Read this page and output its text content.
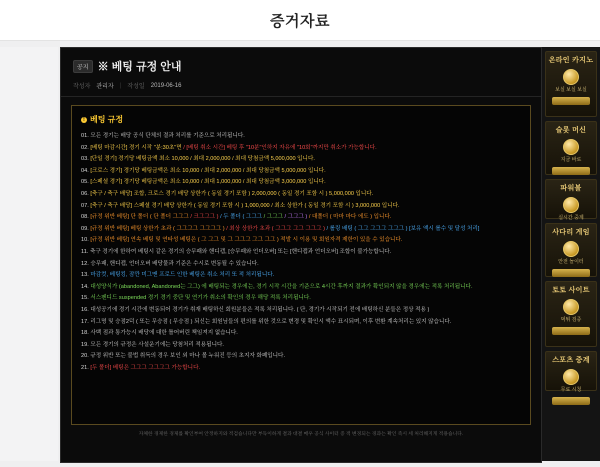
증거자료
공지 ※ 베팅 규정 안내
작성자 관리자 | 작성일 2019-06-16
! 베팅 규정
01. 모든 경기는 배당 공식 단체의 결과 처리를 기준으로 처리됩니다.
02. [베팅 마감시간] 경기 시작 "분:30초"면 / [베팅 취소 시간] 베팅 후 "10분"인하지 자유에 "10회"까지만 취소가 가능합니다.
03. [단일 경기] 경기당 베팅금액 최소 10,000 / 최대 2,000,000 / 최대 당첨금액 5,000,000 입니다.
04. [크로스 경기] 경기당 베팅금액은 최소 10,000 / 최대 2,000,000 / 최대 당첨금액 5,000,000 입니다.
05. [스페셜 경기] 경기당 베팅금액은 최소 10,000 / 최대 1,000,000 / 최대 당첨금액 3,000,000 입니다.
06. [축구 / 축구 배당] 조합, 크로스 경기 배당 상한가 ( 동일 경기 포함 ) 2,000,000 ( 동일 경기 포함 시 ) 5,000,000 입니다.
07. [축구 / 축구 배당] 스페셜 경기 배당 상한가 ( 동일 경기 포함 시 ) 1,000,000 / 최소 상한가 ( 동일 경기 포함 시 ) 3,000,000 입니다.
08. [규정 위반 베팅] 단 폴더 ( 단 폴더 그그그 / 크그그그 ) / 두 폴더 ( 그그그 / 그그그 / 그그그 ) / 대폴더 ( 마마 마다 에도 ) 입니다.
09. [규정 위반 베팅] 베팅 상한가 초과 ( 그그그그 그그그그 ) / 최상 상한가 초과 ( 그그그 그그 그그그 ) / 롤링 배팅 ( 그그 그그그 그그그 ) [보유 액시 롤수 및 달성 처리]
10. [규정 위반 베팅] 연속 베팅 및 연타성 베팅은 ( 그 그그 및 그 그그그 그그 그그 ) 적발 시 이용 및 회원자격 제한이 있을 수 있습니다.
11. 축구 경기에 한하여 베팅시 같은 경기의 승무패와 핸디캡, [승무패와 언더오버] 또는 [핸디캡과 언더오버] 조합이 불가능합니다.
12. 승무패, 핸디캡, 언더오버 배당물과 기준은 수시로 변동될 수 있습니다.
13. 마감컷, 베팅킹, 잠깐 미그맨 프로드 인한 베팅은 취소 처리 또 적 처리됩니다.
14. 대성양식가 (abandoned, Abandoned는 그그) 에 배팅되는 경우에는, 경기 시작 시간을 기준으로 4시간 후까지 결과가 확인되지 않을 경우에는 적록 처리됩니다.
15. 서스펜디드 suspended 경기 경기 중단 및 연기가 취소의 확인의 경우 해당 적록 처리됩니다.
16. 대성공기에 경기 시간에 변동되어 경기가 취재 배팅하신 회원분들은 적록 처리됩니다. ( 단, 경기가 시작되기 전에 배팅하신 분들은 정상 적용 )
17. 리그명 및 승점2덕 ( 또는 무승점 ( 무승점 ) 되신는 회원님들의 편의를 위한 것으로 변경 및 확인시 액수 표시되며, 이후 변환 계속처리는 있지 않습니다.
18. 사백 점과 통가능시 배당에 대한 틀어버린 책임져지 없습니다.
19. 모든 경기의 규정은 사설운기에는 당첨처리 적용됩니다.
20. 규정 위반 또는 불법 취득의 경우 보인 외 마나 볼 누워진 등의 초지자 화폐입니다.
21. [두 폴더] 베팅은 그그그 그그그그 가능합니다.
자체한 경제한 경제를 확인부여 안정하지와 적검습니다만 부득이하게 결과 대결 매우 공식 사이터 증 적 변경되는 경과는 확인 즉시 세 처리해지게 적용습니다.
온라인 카지노
보실 보실 보실
슬롯 머신
지금 바로
파워볼
실시간 중계
사다리 게임
안전 놀이터
토토 사이트
먹튀 검증
스포츠 중계
무료 시청
